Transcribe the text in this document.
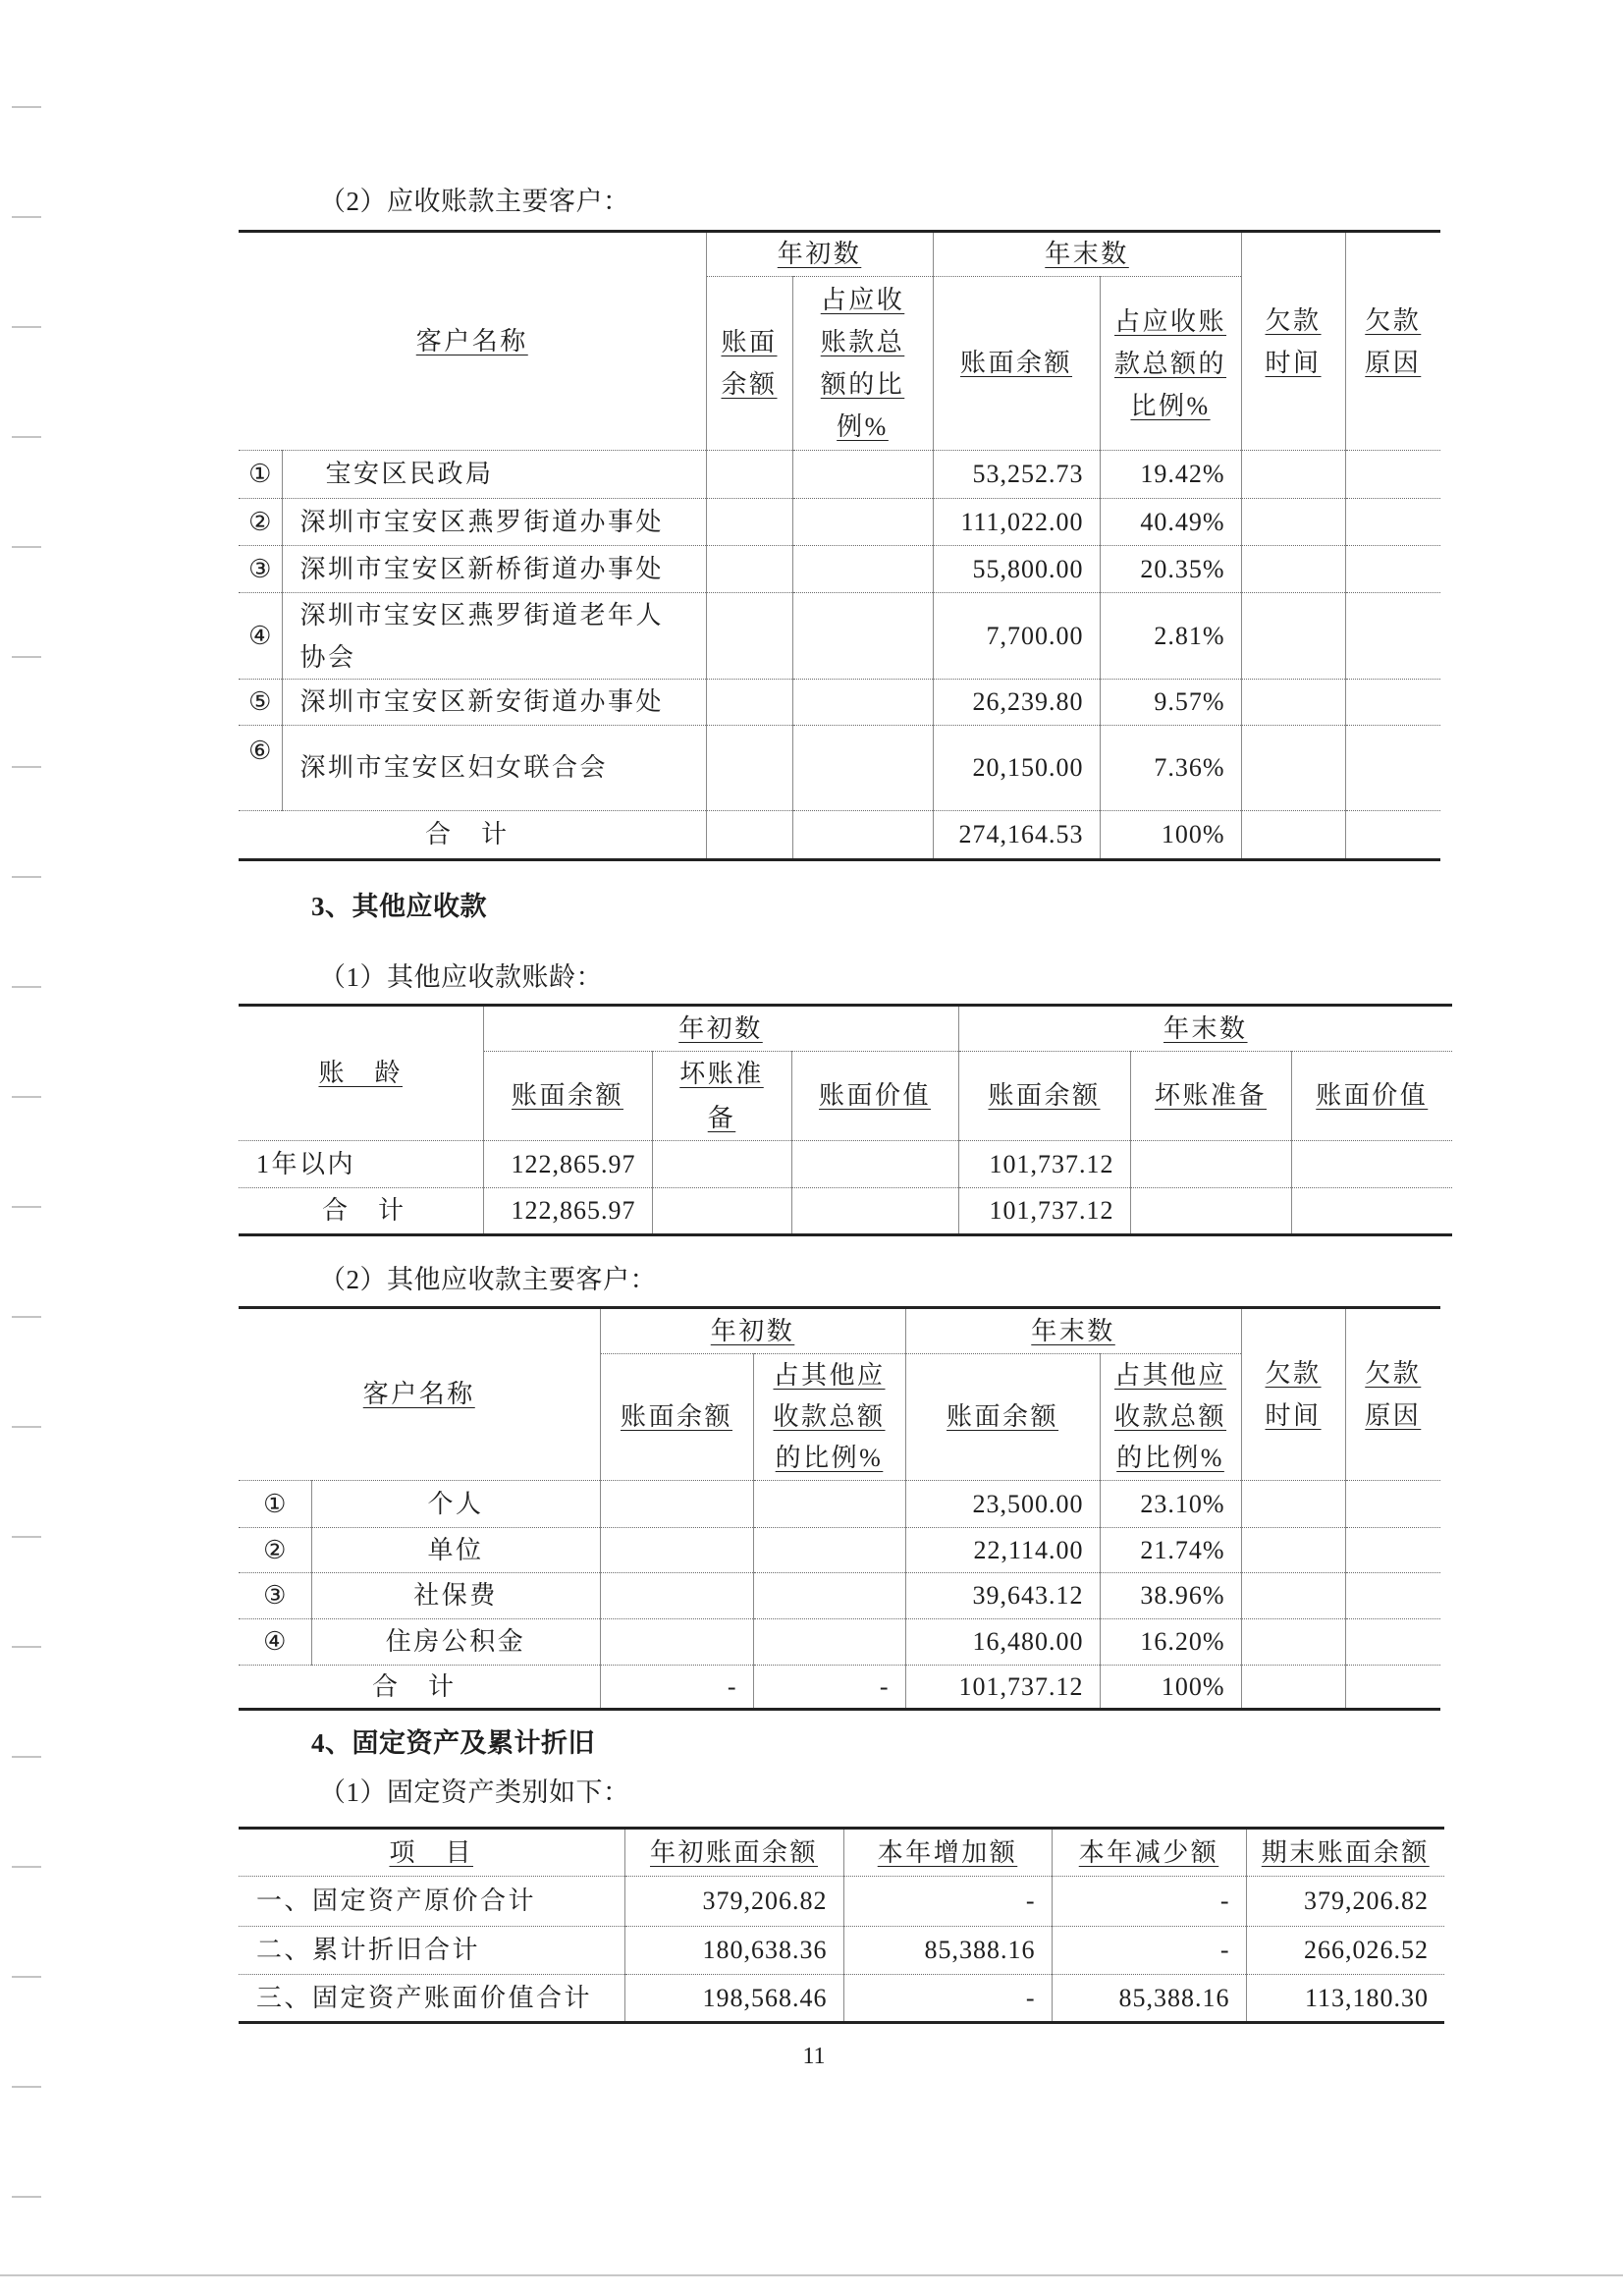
（2）应收账款主要客户：
客户名称		年初数		年末数		欠款时间	欠款原因
		账面余额	占应收账款总额的比例%	账面余额	占应收账款总额的比例%		
①	宝安区民政局			53,252.73	19.42%		
②	深圳市宝安区燕罗街道办事处			111,022.00	40.49%		
③	深圳市宝安区新桥街道办事处			55,800.00	20.35%		
④	深圳市宝安区燕罗街道老年人协会			7,700.00	2.81%		
⑤	深圳市宝安区新安街道办事处			26,239.80	9.57%		
⑥	深圳市宝安区妇女联合会			20,150.00	7.36%		
合　计				274,164.53	100%		
3、其他应收款
（1）其他应收款账龄：
账　龄	年初数			年末数		
	账面余额	坏账准备	账面价值	账面余额	坏账准备	账面价值
1年以内	122,865.97			101,737.12		
合　计	122,865.97			101,737.12		
（2）其他应收款主要客户：
客户名称		年初数		年末数		欠款时间	欠款原因
		账面余额	占其他应收款总额的比例%	账面余额	占其他应收款总额的比例%		
①	个人			23,500.00	23.10%		
②	单位			22,114.00	21.74%		
③	社保费			39,643.12	38.96%		
④	住房公积金			16,480.00	16.20%		
合　计		-	-	101,737.12	100%		
4、固定资产及累计折旧
（1）固定资产类别如下：
项　目	年初账面余额	本年增加额	本年减少额	期末账面余额
一、固定资产原价合计	379,206.82	-	-	379,206.82
二、累计折旧合计	180,638.36	85,388.16	-	266,026.52
三、固定资产账面价值合计	198,568.46	-	85,388.16	113,180.30
11
